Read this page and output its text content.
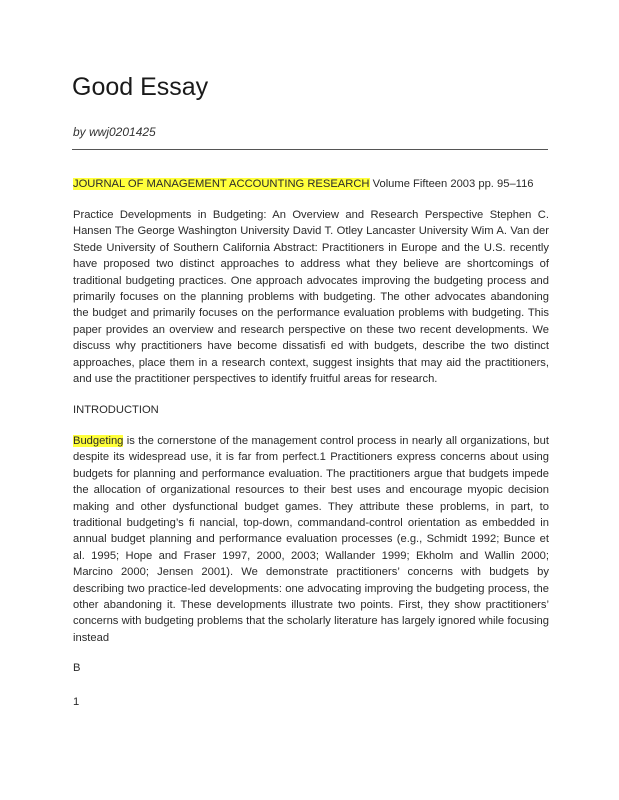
Good Essay
by wwj0201425

JOURNAL OF MANAGEMENT ACCOUNTING RESEARCH Volume Fifteen 2003 pp. 95–116

Practice Developments in Budgeting: An Overview and Research Perspective Stephen C. Hansen The George Washington University David T. Otley Lancaster University Wim A. Van der Stede University of Southern California Abstract: Practitioners in Europe and the U.S. recently have proposed two distinct approaches to address what they believe are shortcomings of traditional budgeting practices. One approach advocates improving the budgeting process and primarily focuses on the planning problems with budgeting. The other advocates abandoning the budget and primarily focuses on the performance evaluation problems with budgeting. This paper provides an overview and research perspective on these two recent developments. We discuss why practitioners have become dissatisﬁ ed with budgets, describe the two distinct approaches, place them in a research context, suggest insights that may aid the practitioners, and use the practitioner perspectives to identify fruitful areas for research.

INTRODUCTION

Budgeting is the cornerstone of the management control process in nearly all organizations, but despite its widespread use, it is far from perfect.1 Practitioners express concerns about using budgets for planning and performance evaluation. The practitioners argue that budgets impede the allocation of organizational resources to their best uses and encourage myopic decision making and other dysfunctional budget games. They attribute these problems, in part, to traditional budgeting’s ﬁ nancial, top-down, commandand-control orientation as embedded in annual budget planning and performance evaluation processes (e.g., Schmidt 1992; Bunce et al. 1995; Hope and Fraser 1997, 2000, 2003; Wallander 1999; Ekholm and Wallin 2000; Marcino 2000; Jensen 2001). We demonstrate practitioners’ concerns with budgets by describing two practice-led developments: one advocating improving the budgeting process, the other abandoning it. These developments illustrate two points. First, they show practitioners’ concerns with budgeting problems that the scholarly literature has largely ignored while focusing instead

B

1
